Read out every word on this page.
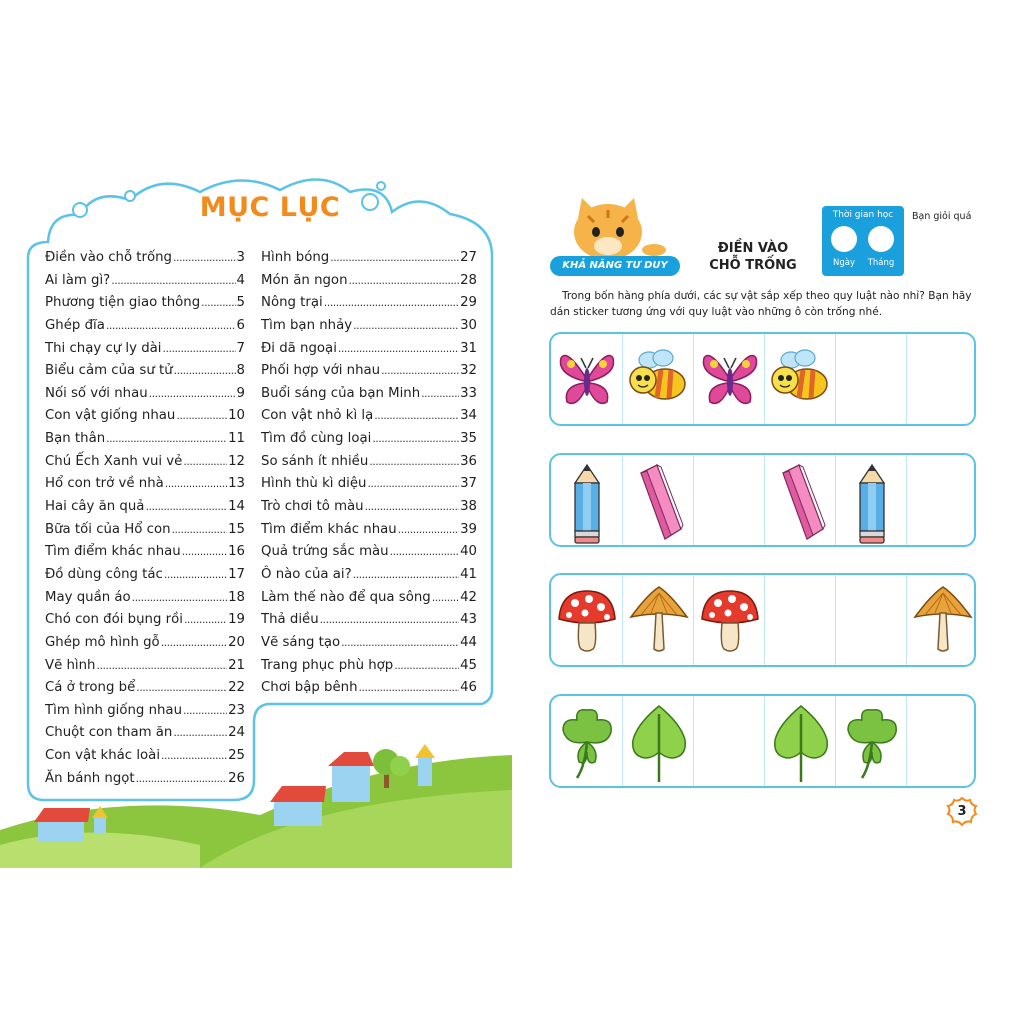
MỤC LỤC
Điền vào chỗ trống .....	3
Ai làm gì? .....	4
Phương tiện giao thông .....	5
Ghép đĩa .....	6
Thi chạy cự ly dài .....	7
Biểu cảm của sư tử .....	8
Nối số với nhau .....	9
Con vật giống nhau .....	10
Bạn thân .....	11
Chú Ếch Xanh vui vẻ .....	12
Hổ con trở về nhà .....	13
Hai cây ăn quả .....	14
Bữa tối của Hổ con .....	15
Tìm điểm khác nhau .....	16
Đồ dùng công tác .....	17
May quần áo .....	18
Chó con đói bụng rồi .....	19
Ghép mô hình gỗ .....	20
Vẽ hình .....	21
Cá ở trong bể .....	22
Tìm hình giống nhau .....	23
Chuột con tham ăn .....	24
Con vật khác loài .....	25
Ăn bánh ngọt .....	26
Hình bóng .....	27
Món ăn ngon .....	28
Nông trại .....	29
Tìm bạn nhảy .....	30
Đi dã ngoại .....	31
Phối hợp với nhau .....	32
Buổi sáng của bạn Minh .....	33
Con vật nhỏ kì lạ .....	34
Tìm đồ cùng loại .....	35
So sánh ít nhiều .....	36
Hình thù kì diệu .....	37
Trò chơi tô màu .....	38
Tìm điểm khác nhau .....	39
Quả trứng sắc màu .....	40
Ô nào của ai? .....	41
Làm thế nào để qua sông ..... 42
Thả diều .....	43
Vẽ sáng tạo .....	44
Trang phục phù hợp .....	45
Chơi bập bênh .....	46
KHẢ NĂNG TƯ DUY
ĐIỀN VÀO
CHỖ TRỐNG
Thời gian học
Ngày	Tháng
Bạn giỏi quá
Trong bốn hàng phía dưới, các sự vật sắp xếp theo quy luật nào nhỉ? Bạn hãy dán sticker tương ứng với quy luật vào những ô còn trống nhé.
3
